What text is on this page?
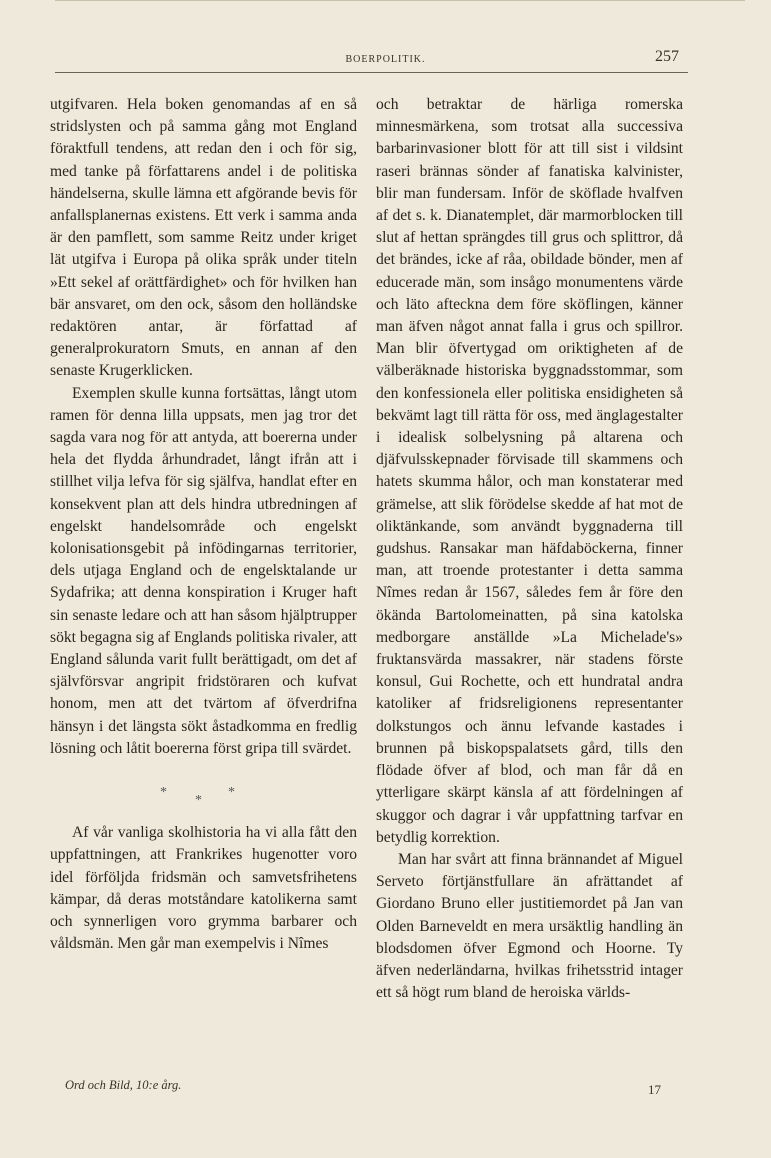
BOERPOLITIK.	257

utgifvaren. Hela boken genomandas af en så stridslysten och på samma gång mot England föraktfull tendens, att redan den i och för sig, med tanke på författarens andel i de politiska händelserna, skulle lämna ett afgörande bevis för anfallsplanernas existens. Ett verk i samma anda är den pamflett, som samme Reitz under kriget lät utgifva i Europa på olika språk under titeln »Ett sekel af orättfärdighet» och för hvilken han bär ansvaret, om den ock, såsom den holländske redaktören antar, är författad af generalprokuratorn Smuts, en annan af den senaste Krugerklicken.

Exemplen skulle kunna fortsättas, långt utom ramen för denna lilla uppsats, men jag tror det sagda vara nog för att antyda, att boererna under hela det flydda århundradet, långt ifrån att i stillhet vilja lefva för sig själfva, handlat efter en konsekvent plan att dels hindra utbredningen af engelskt handelsområde och engelskt kolonisationsgebit på infödingarnas territorier, dels utjaga England och de engelsktalande ur Sydafrika; att denna konspiration i Kruger haft sin senaste ledare och att han såsom hjälptrupper sökt begagna sig af Englands politiska rivaler, att England sålunda varit fullt berättigadt, om det af självförsvar angripit fridstöraren och kufvat honom, men att det tvärtom af öfverdrifna hänsyn i det längsta sökt åstadkomma en fredlig lösning och låtit boererna först gripa till svärdet.

*
*
*

Af vår vanliga skolhistoria ha vi alla fått den uppfattningen, att Frankrikes hugenotter voro idel förföljda fridsmän och samvetsfrihetens kämpar, då deras motståndare katolikerna samt och synnerligen voro grymma barbarer och våldsmän. Men går man exempelvis i Nîmes

och betraktar de härliga romerska minnesmärkena, som trotsat alla successiva barbarinvasioner blott för att till sist i vildsint raseri brännas sönder af fanatiska kalvinister, blir man fundersam. Inför de sköflade hvalfven af det s. k. Dianatemplet, där marmorblocken till slut af hettan sprängdes till grus och splittror, då det brändes, icke af råa, obildade bönder, men af educerade män, som insågo monumentens värde och läto afteckna dem före sköflingen, känner man äfven något annat falla i grus och spillror. Man blir öfvertygad om oriktigheten af de välberäknade historiska byggnadsstommar, som den konfessionela eller politiska ensidigheten så bekvämt lagt till rätta för oss, med änglagestalter i idealisk solbelysning på altarena och djäfvulsskepnader förvisade till skammens och hatets skumma hålor, och man konstaterar med grämelse, att slik förödelse skedde af hat mot de oliktänkande, som användt byggnaderna till gudshus. Ransakar man häfdaböckerna, finner man, att troende protestanter i detta samma Nîmes redan år 1567, således fem år före den ökända Bartolomeinatten, på sina katolska medborgare anställde »La Michelade's» fruktansvärda massakrer, när stadens förste konsul, Gui Rochette, och ett hundratal andra katoliker af fridsreligionens representanter dolkstungos och ännu lefvande kastades i brunnen på biskopspalatsets gård, tills den flödade öfver af blod, och man får då en ytterligare skärpt känsla af att fördelningen af skuggor och dagrar i vår uppfattning tarfvar en betydlig korrektion.

Man har svårt att finna brännandet af Miguel Serveto förtjänstfullare än afrättandet af Giordano Bruno eller justitiemordet på Jan van Olden Barneveldt en mera ursäktlig handling än blodsdomen öfver Egmond och Hoorne. Ty äfven nederländarna, hvilkas frihetsstrid intager ett så högt rum bland de heroiska världs-

Ord och Bild, 10:e årg.	17
